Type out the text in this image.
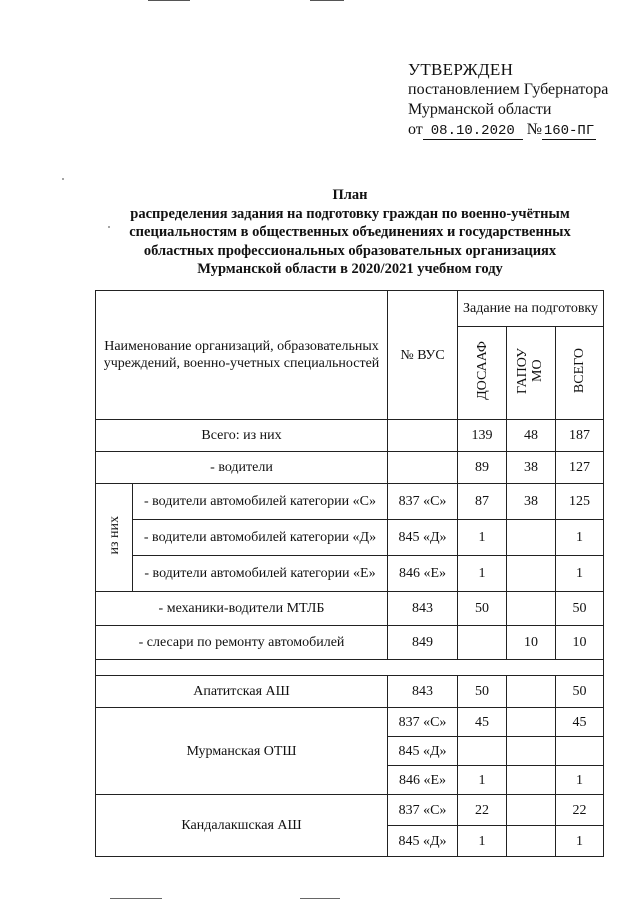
УТВЕРЖДЕН
постановлением Губернатора
Мурманской области
от 08.10.2020 № 160-ПГ
План
распределения задания на подготовку граждан по военно-учётным
специальностям в общественных объединениях и государственных
областных профессиональных образовательных организациях
Мурманской области в 2020/2021 учебном году
Наименование организаций, образовательных учреждений, военно-учетных специальностей		№ ВУС	Задание на подготовку		
			ДОСААФ	ГАПОУ МО	ВСЕГО
Всего: из них			139	48	187
- водители			89	38	127
из них	- водители автомобилей категории «С»	837 «С»	87	38	125
	- водители автомобилей категории «Д»	845 «Д»	1		1
	- водители автомобилей категории «Е»	846 «Е»	1		1
- механики-водители МТЛБ		843	50		50
- слесари по ремонту автомобилей		849		10	10

Апатитская АШ		843	50		50
Мурманская ОТШ		837 «С»	45		45
		845 «Д»			
		846 «Е»	1		1
Кандалакшская АШ		837 «С»	22		22
		845 «Д»	1		1
